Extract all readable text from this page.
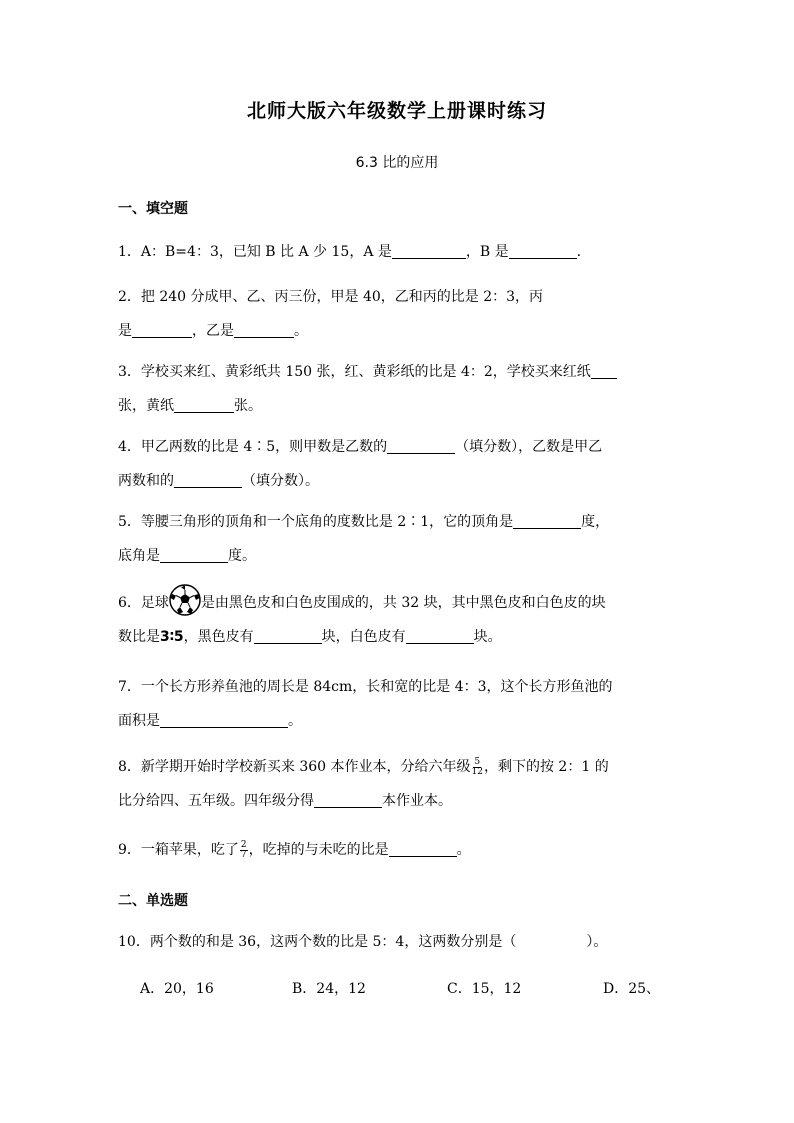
北师大版六年级数学上册课时练习
6.3 比的应用
一、填空题
1．A：B=4：3，已知 B 比 A 少 15，A 是	，B 是	.
2．把 240 分成甲、乙、丙三份，甲是 40，乙和丙的比是 2：3，丙
是	，乙是	。
3．学校买来红、黄彩纸共 150 张，红、黄彩纸的比是 4：2，学校买来红纸
张，黄纸	张。
4．甲乙两数的比是 4∶5，则甲数是乙数的	（填分数），乙数是甲乙
两数和的	（填分数）。
5．等腰三角形的顶角和一个底角的度数比是 2∶1，它的顶角是	度，
底角是	度。
6．足球 是由黑色皮和白色皮围成的，共 32 块，其中黑色皮和白色皮的块
数比是3∶5，黑色皮有	块，白色皮有	块。
7．一个长方形养鱼池的周长是 84cm，长和宽的比是 4：3，这个长方形鱼池的
面积是	。
8．新学期开始时学校新买来 360 本作业本，分给六年级 $\frac{5}{12}$ ，剩下的按 2：1 的
比分给四、五年级。四年级分得	本作业本。
9．一箱苹果，吃了 $\frac{2}{7}$ ，吃掉的与未吃的比是	。
二、单选题
10．两个数的和是 36，这两个数的比是 5：4，这两数分别是（	）。
A．20，16	B．24，12	C．15，12	D．25、
